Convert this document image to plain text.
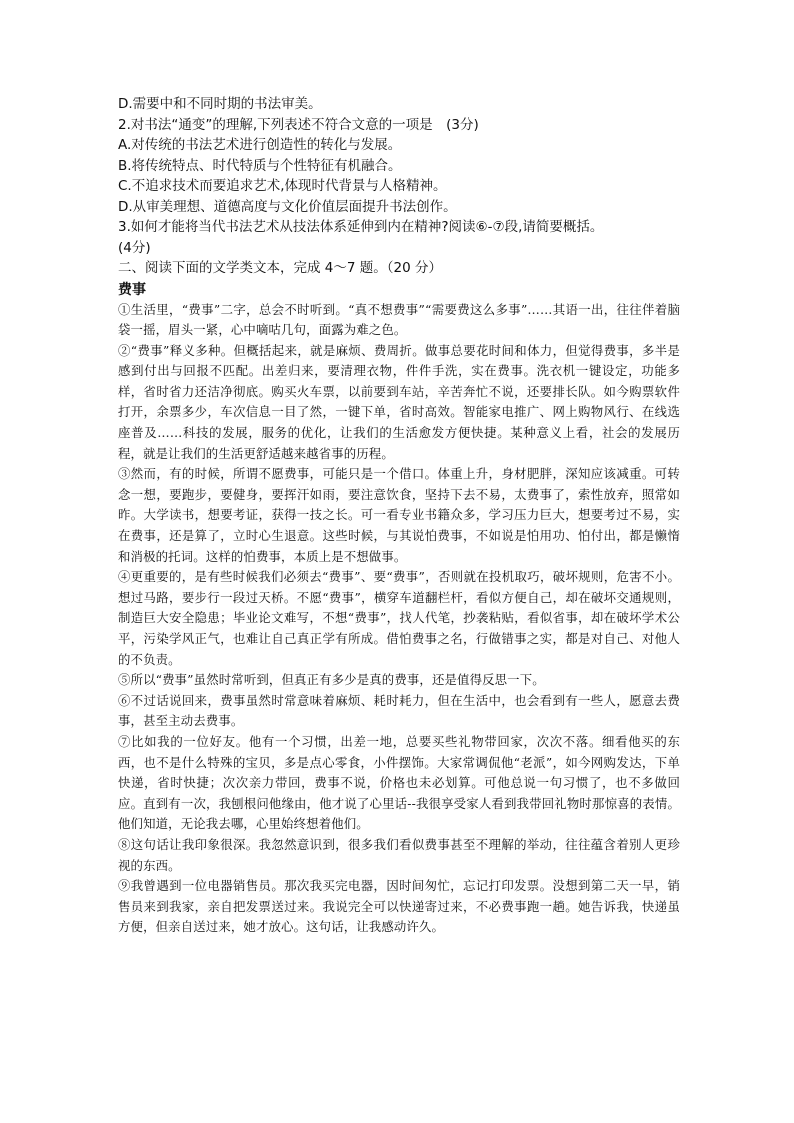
D.需要中和不同时期的书法审美。
2.对书法“通变”的理解,下列表述不符合文意的一项是　(3分)
A.对传统的书法艺术进行创造性的转化与发展。
B.将传统特点、时代特质与个性特征有机融合。
C.不追求技术而要追求艺术,体现时代背景与人格精神。
D.从审美理想、道德高度与文化价值层面提升书法创作。
3.如何才能将当代书法艺术从技法体系延伸到内在精神?阅读⑥-⑦段,请简要概括。
(4分)
二、阅读下面的文学类文本，完成 4～7 题。（20 分）
费事

①生活里，“费事”二字，总会不时听到。“真不想费事”“需要费这么多事”……其语一出，往往伴着脑袋一摇，眉头一紧，心中嘀咕几句，面露为难之色。

②“费事”释义多种。但概括起来，就是麻烦、费周折。做事总要花时间和体力，但觉得费事，多半是感到付出与回报不匹配。出差归来，要清理衣物，件件手洗，实在费事。洗衣机一键设定，功能多样，省时省力还洁净彻底。购买火车票，以前要到车站，辛苦奔忙不说，还要排长队。如今购票软件打开，余票多少，车次信息一目了然，一键下单，省时高效。智能家电推广、网上购物风行、在线选座普及……科技的发展，服务的优化，让我们的生活愈发方便快捷。某种意义上看，社会的发展历程，就是让我们的生活更舒适越来越省事的历程。

③然而，有的时候，所谓不愿费事，可能只是一个借口。体重上升，身材肥胖，深知应该减重。可转念一想，要跑步，要健身，要挥汗如雨，要注意饮食，坚持下去不易，太费事了，索性放弃，照常如昨。大学读书，想要考证，获得一技之长。可一看专业书籍众多，学习压力巨大，想要考过不易，实在费事，还是算了，立时心生退意。这些时候，与其说怕费事，不如说是怕用功、怕付出，都是懒惰和消极的托词。这样的怕费事，本质上是不想做事。

④更重要的，是有些时候我们必须去“费事”、要“费事”，否则就在投机取巧，破坏规则，危害不小。想过马路，要步行一段过天桥。不愿“费事”，横穿车道翻栏杆，看似方便自己，却在破坏交通规则，制造巨大安全隐患；毕业论文难写，不想“费事”，找人代笔，抄袭粘贴，看似省事，却在破坏学术公平，污染学风正气，也难让自己真正学有所成。借怕费事之名，行做错事之实，都是对自己、对他人的不负责。

⑤所以“费事”虽然时常听到，但真正有多少是真的费事，还是值得反思一下。

⑥不过话说回来，费事虽然时常意味着麻烦、耗时耗力，但在生活中，也会看到有一些人，愿意去费事，甚至主动去费事。

⑦比如我的一位好友。他有一个习惯，出差一地，总要买些礼物带回家，次次不落。细看他买的东西，也不是什么特殊的宝贝，多是点心零食，小件摆饰。大家常调侃他“老派”，如今网购发达，下单快递，省时快捷；次次亲力带回，费事不说，价格也未必划算。可他总说一句习惯了，也不多做回应。直到有一次，我刨根问他缘由，他才说了心里话--我很享受家人看到我带回礼物时那惊喜的表情。他们知道，无论我去哪，心里始终想着他们。

⑧这句话让我印象很深。我忽然意识到，很多我们看似费事甚至不理解的举动，往往蕴含着别人更珍视的东西。

⑨我曾遇到一位电器销售员。那次我买完电器，因时间匆忙，忘记打印发票。没想到第二天一早，销售员来到我家，亲自把发票送过来。我说完全可以快递寄过来，不必费事跑一趟。她告诉我，快递虽方便，但亲自送过来，她才放心。这句话，让我感动许久。
